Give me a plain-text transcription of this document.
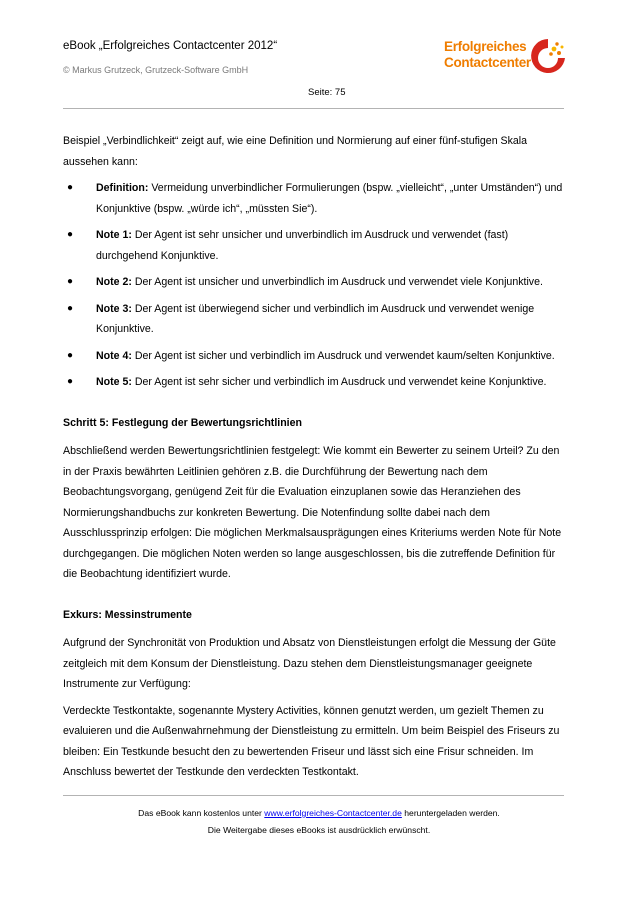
eBook „Erfolgreiches Contactcenter 2012“
© Markus Grutzeck, Grutzeck-Software GmbH
Seite: 75
Erfolgreiches
Contactcenter

Beispiel „Verbindlichkeit“ zeigt auf, wie eine Definition und Normierung auf einer fünf-stufigen Skala aussehen kann:

● Definition: Vermeidung unverbindlicher Formulierungen (bspw. „vielleicht“, „unter Umständen“) und Konjunktive (bspw. „würde ich“, „müssten Sie“).
● Note 1: Der Agent ist sehr unsicher und unverbindlich im Ausdruck und verwendet (fast) durchgehend Konjunktive.
● Note 2: Der Agent ist unsicher und unverbindlich im Ausdruck und verwendet viele Konjunktive.
● Note 3: Der Agent ist überwiegend sicher und verbindlich im Ausdruck und verwendet wenige Konjunktive.
● Note 4: Der Agent ist sicher und verbindlich im Ausdruck und verwendet kaum/selten Konjunktive.
● Note 5: Der Agent ist sehr sicher und verbindlich im Ausdruck und verwendet keine Konjunktive.

Schritt 5: Festlegung der Bewertungsrichtlinien

Abschließend werden Bewertungsrichtlinien festgelegt: Wie kommt ein Bewerter zu seinem Urteil? Zu den in der Praxis bewährten Leitlinien gehören z.B. die Durchführung der Bewertung nach dem Beobachtungsvorgang, genügend Zeit für die Evaluation einzuplanen sowie das Heranziehen des Normierungshandbuchs zur konkreten Bewertung. Die Notenfindung sollte dabei nach dem Ausschlussprinzip erfolgen: Die möglichen Merkmalsausprägungen eines Kriteriums werden Note für Note durchgegangen. Die möglichen Noten werden so lange ausgeschlossen, bis die zutreffende Definition für die Beobachtung identifiziert wurde.

Exkurs: Messinstrumente

Aufgrund der Synchronität von Produktion und Absatz von Dienstleistungen erfolgt die Messung der Güte zeitgleich mit dem Konsum der Dienstleistung. Dazu stehen dem Dienstleistungsmanager geeignete Instrumente zur Verfügung:

Verdeckte Testkontakte, sogenannte Mystery Activities, können genutzt werden, um gezielt Themen zu evaluieren und die Außenwahrnehmung der Dienstleistung zu ermitteln. Um beim Beispiel des Friseurs zu bleiben: Ein Testkunde besucht den zu bewertenden Friseur und lässt sich eine Frisur schneiden. Im Anschluss bewertet der Testkunde den verdeckten Testkontakt.

Das eBook kann kostenlos unter www.erfolgreiches-Contactcenter.de heruntergeladen werden.
Die Weitergabe dieses eBooks ist ausdrücklich erwünscht.
